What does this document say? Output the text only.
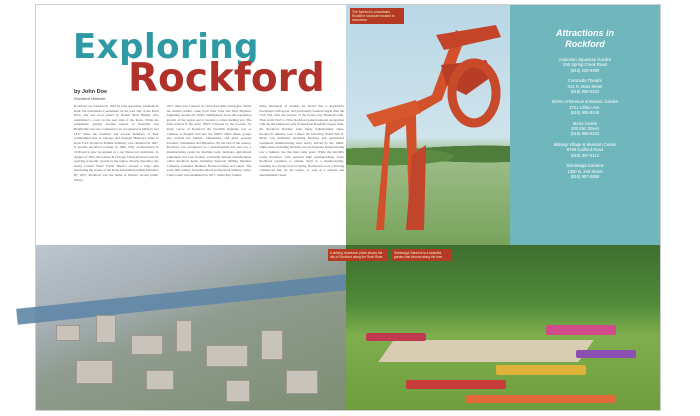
Exploring
Rockford
by John Doe
Rockford Website
Rockford was founded in 1834 by land speculator Germanicus Kent. He established a settlement on the west side of the Rock River and was soon joined by Daniel Shaw Haight, who established a town on the east side of the Rock. While the settlements quickly became known as Kentville and Haightville, the area continued to be recognized as Midway and 1837 when the founders and several members of their communities met in Chicago and changed Midway's name to Rock Ford. Rockford Female Seminary was chartered in 1847. It became Rockford College in 1892, fully coeducational in 1958 and is now recognized as a top liberal arts institution. In August of 1852, the Galena & Chicago Union Railroad arrived, spurring economic growth in the region. Shortly thereafter, the newly formed Water Power District erected a large dam harnessing the waters of the Rock and fuelling industrialization. By 1875, Rockford was the home of Illinois' second public library.
1877, there was a launch of a Rockford daily newspaper. While the earliest settlers came from New York and New England, beginning around the 1850's immigration drove the population growth of the region and it became a robust melting pot. The Irish arrived in the early 1850's followed by the Swedes. So many waves of Rockford the Swedish language was as common as English well into the 1900's. Other ethnic groups also include the Italians, Lithuanians, and more recently Laotians, Vietnamese and Hispanics. By the turn of the century, Rockford was recognized as a mid-industrial hub and was a manufacturing center for machine tools, furniture, agricultural equipment and even hosiery, eventually famous manufacturers called Rockford home including Ingersoll Milling Machine Company, Greenlee Brothers, Barber-Colman and others. The early 20th century found Rockford an important military center. Camp Grant was established in 1917, where they trained
many thousands of soldiers for World War I. Rockford's fascination with sports, and particularly baseball began after the Civil War with the success of the Forest City Baseball Club. Then from 1943 to 1954, Rockford gained national recognition with the All American Girls Professional Baseball League team, the Rockford Peaches. Like many industrialized cities, Rockford's industry took a major hit following World War II. Many core industries including furniture and agricultural equipment manufacturing were newly arrived by the 1960s, while others including machine tool and fastener manufacturing saw a fruitless rise that then came years. While the mid-80's found Rockford with national high unemployment today Rockford continues to remake itself as a manufacturing, resulting in a strong local economy. Rockford is now a thriving commercial hub for the region, as well as a cultural and entertainment center.
The Symbol is a landmark Rockford sculpture located in downtown.
Attractions in
Rockford
Anderson Japanese Garden
340 Spring Creek Road
(815) 229-9390
Coronado Theatre
314 N. Main Street
(815) 968-0222
Klehm Arboretum & Botanic Garden
2701 Clifton Ave.
(815) 965-8146
Metro Centre
300 Elm Street
(815) 968-5222
Midway Village & Museum Center
6799 Guilford Road
(815) 397-9112
Sinnissippi Gardens
1300 N. 2nd Street
(815) 987-8858
A striking downtown photo shows the city of Rockford along the Rock River.
Sinnissippi Gardens is a beautiful, garden that blooms along the river.
